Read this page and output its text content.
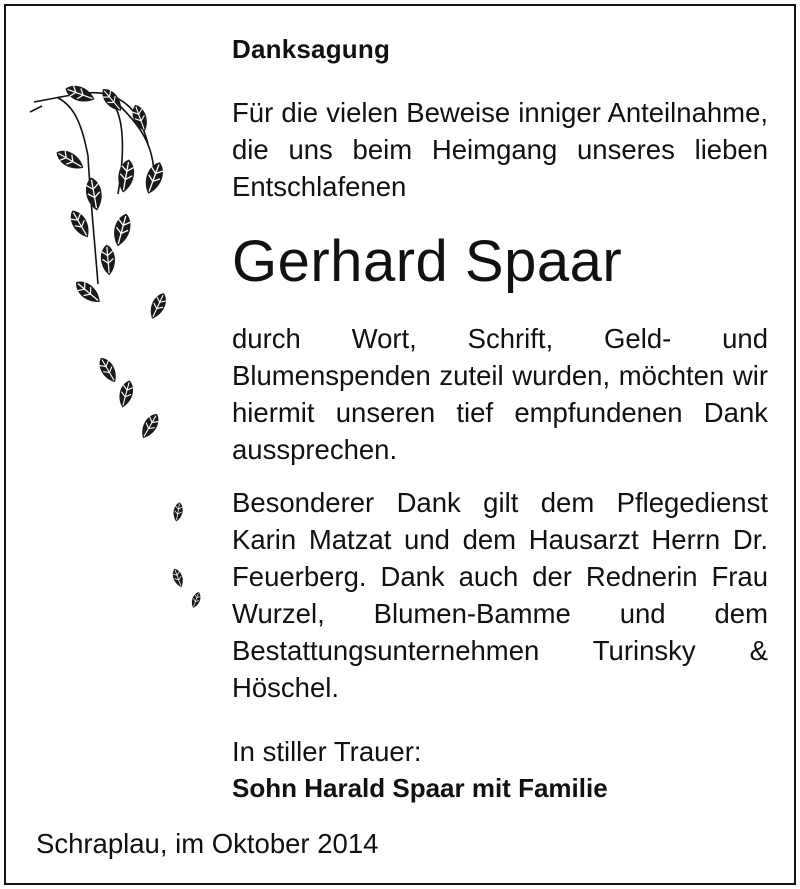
Danksagung
Für die vielen Beweise inniger Anteilnahme, die uns beim Heimgang unseres lieben Entschlafenen
Gerhard Spaar
durch Wort, Schrift, Geld- und Blumenspenden zuteil wurden, möchten wir hiermit unseren tief empfundenen Dank aussprechen.
Besonderer Dank gilt dem Pflegedienst Karin Matzat und dem Hausarzt Herrn Dr. Feuerberg. Dank auch der Rednerin Frau Wurzel, Blumen-Bamme und dem Bestattungsunternehmen Turinsky & Höschel.
In stiller Trauer:
Sohn Harald Spaar mit Familie
Schraplau, im Oktober 2014
